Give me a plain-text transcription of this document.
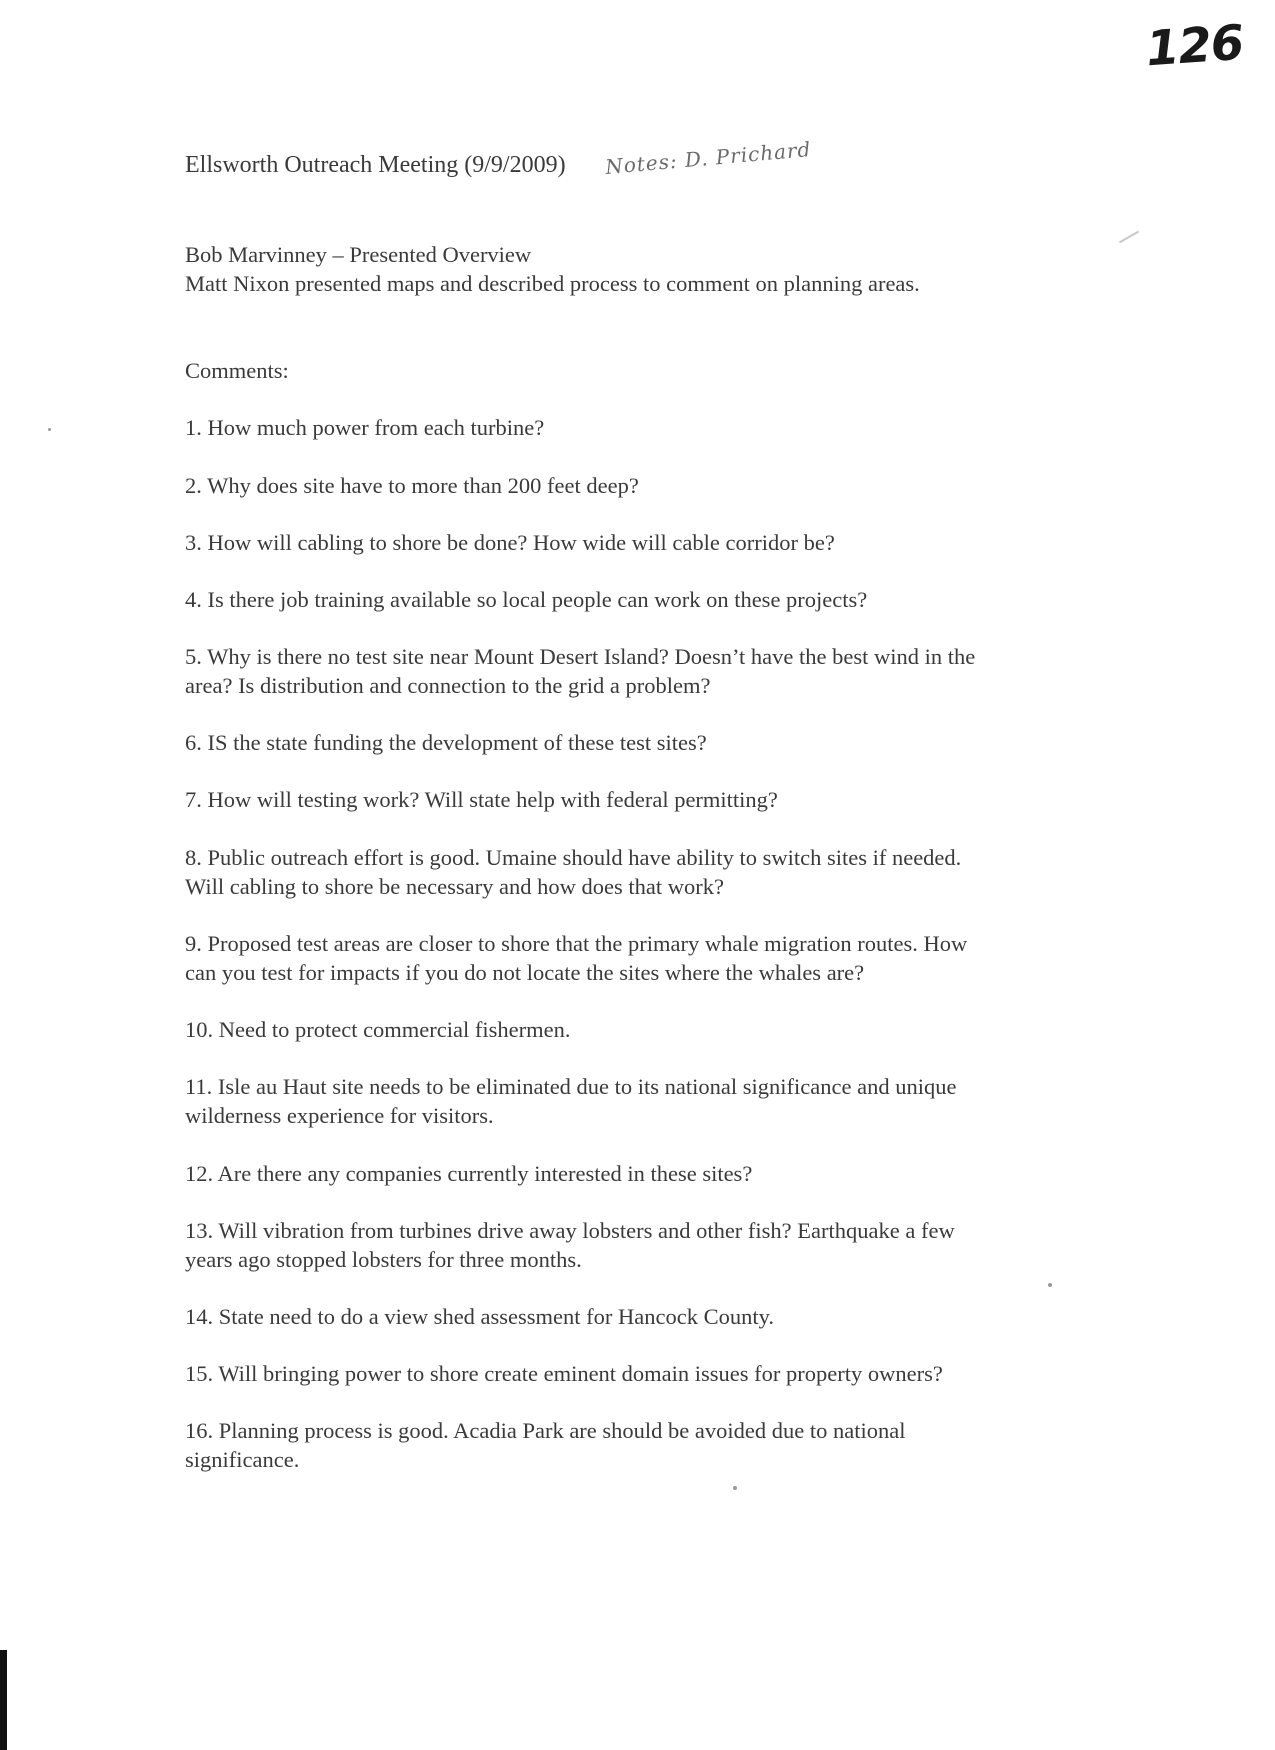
126
Ellsworth Outreach Meeting (9/9/2009) Notes: D. Prichard
Bob Marvinney – Presented Overview
Matt Nixon presented maps and described process to comment on planning areas.
Comments:
1. How much power from each turbine?
2. Why does site have to more than 200 feet deep?
3. How will cabling to shore be done? How wide will cable corridor be?
4. Is there job training available so local people can work on these projects?
5. Why is there no test site near Mount Desert Island? Doesn’t have the best wind in the
area? Is distribution and connection to the grid a problem?
6. IS the state funding the development of these test sites?
7. How will testing work? Will state help with federal permitting?
8. Public outreach effort is good. Umaine should have ability to switch sites if needed.
Will cabling to shore be necessary and how does that work?
9. Proposed test areas are closer to shore that the primary whale migration routes. How
can you test for impacts if you do not locate the sites where the whales are?
10. Need to protect commercial fishermen.
11. Isle au Haut site needs to be eliminated due to its national significance and unique
wilderness experience for visitors.
12. Are there any companies currently interested in these sites?
13. Will vibration from turbines drive away lobsters and other fish? Earthquake a few
years ago stopped lobsters for three months.
14. State need to do a view shed assessment for Hancock County.
15. Will bringing power to shore create eminent domain issues for property owners?
16. Planning process is good. Acadia Park are should be avoided due to national
significance.
